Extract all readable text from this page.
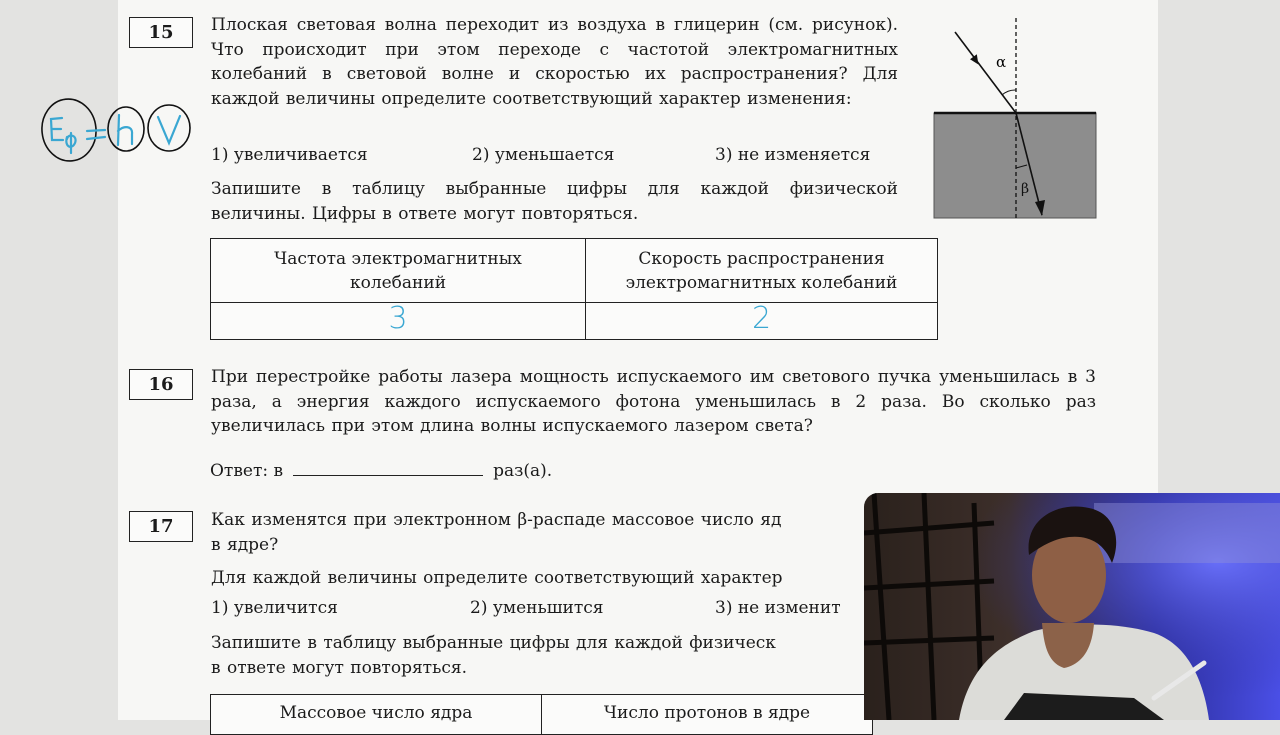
15	Плоская световая волна переходит из воздуха в глицерин (см. рисунок). Что происходит при этом переходе с частотой электромагнитных колебаний в световой волне и скоростью их распространения? Для каждой величины определите соответствующий характер изменения:
1) увеличивается	2) уменьшается	3) не изменяется
Запишите в таблицу выбранные цифры для каждой физической величины. Цифры в ответе могут повторяться.
α
β
Частота электромагнитных колебаний	Скорость распространения электромагнитных колебаний
3	2
Eф = h V
16	При перестройке работы лазера мощность испускаемого им светового пучка уменьшилась в 3 раза, а энергия каждого испускаемого фотона уменьшилась в 2 раза. Во сколько раз увеличилась при этом длина волны испускаемого лазером света?
Ответ: в	раз(а).
17	Как изменятся при электронном β-распаде массовое число яд
в ядре?
Для каждой величины определите соответствующий характер
1) увеличится	2) уменьшится	3) не изменит
Запишите в таблицу выбранные цифры для каждой физическ
в ответе могут повторяться.
Массовое число ядра	Число протонов в ядре
